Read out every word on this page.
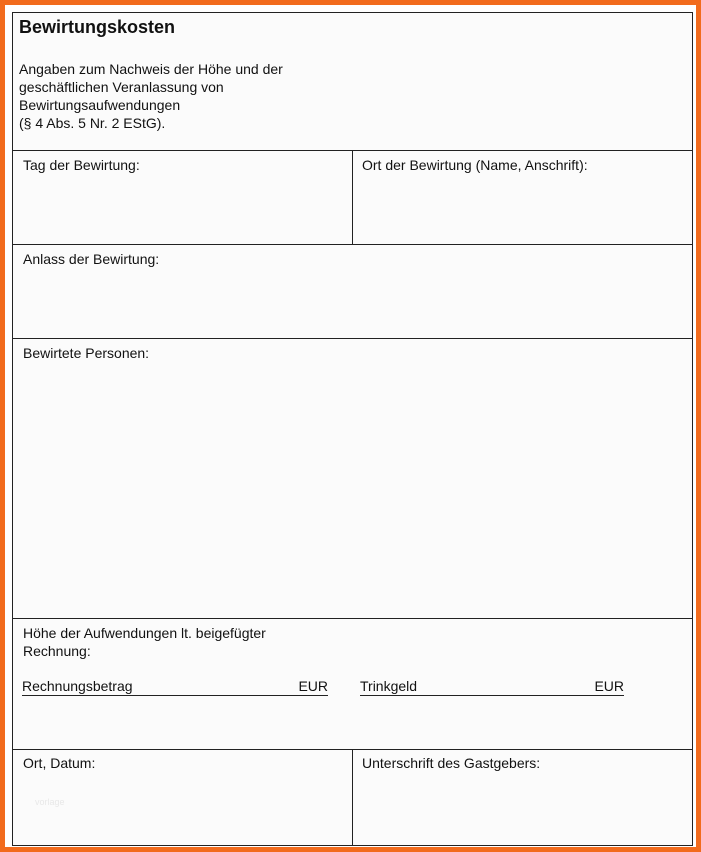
Bewirtungskosten
Angaben zum Nachweis der Höhe und der
geschäftlichen Veranlassung von
Bewirtungsaufwendungen
(§ 4 Abs. 5 Nr. 2 EStG).
Tag der Bewirtung:	Ort der Bewirtung (Name, Anschrift):
Anlass der Bewirtung:
Bewirtete Personen:
Höhe der Aufwendungen lt. beigefügter
Rechnung:
Ort, Datum:	Unterschrift des Gastgebers:
Rechnungsbetrag	EUR Trinkgeld	EUR
vorlage
